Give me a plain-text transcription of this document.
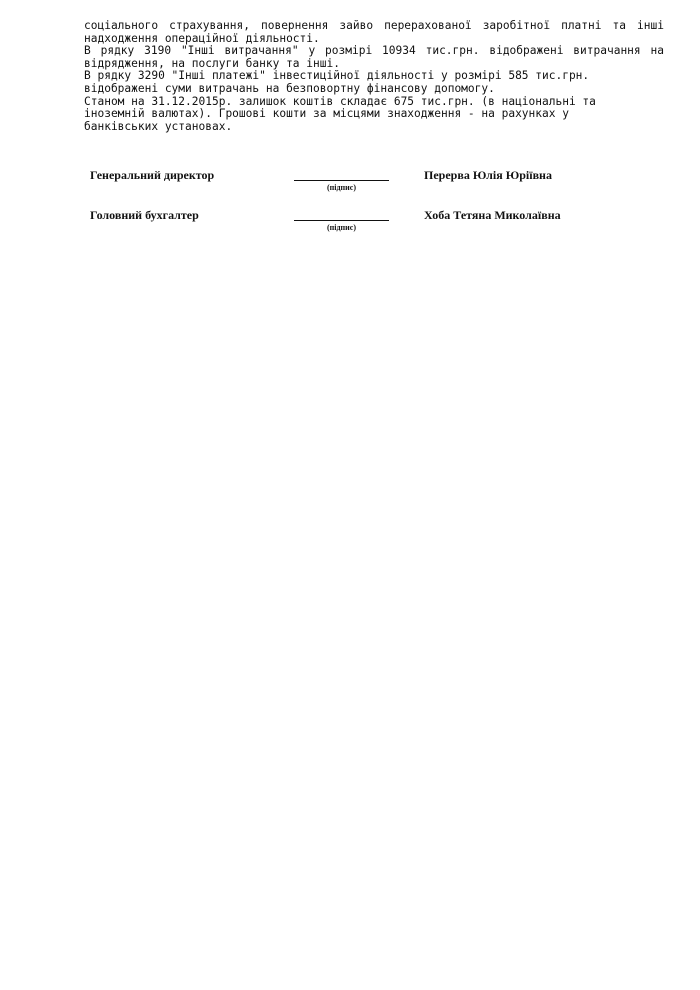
соціального страхування, повернення зайво перерахованої заробітної платні та інші
надходження операційної діяльності.
В рядку 3190 "Інші витрачання" у розмірі 10934 тис.грн. відображені витрачання на
відрядження, на послуги банку та інші.
В рядку 3290 "Інші платежі" інвестиційної діяльності у розмірі 585 тис.грн.
відображені суми витрачань на безповортну фінансову допомогу.
Станом на 31.12.2015р. залишок коштів складає 675 тис.грн. (в національні та
іноземній валютах). Грошові кошти за місцями знаходження - на рахунках у
банківських установах.
Генеральний директор
(підпис)
Перерва Юлія Юріївна
Головний бухгалтер
(підпис)
Хоба Тетяна Миколаївна
